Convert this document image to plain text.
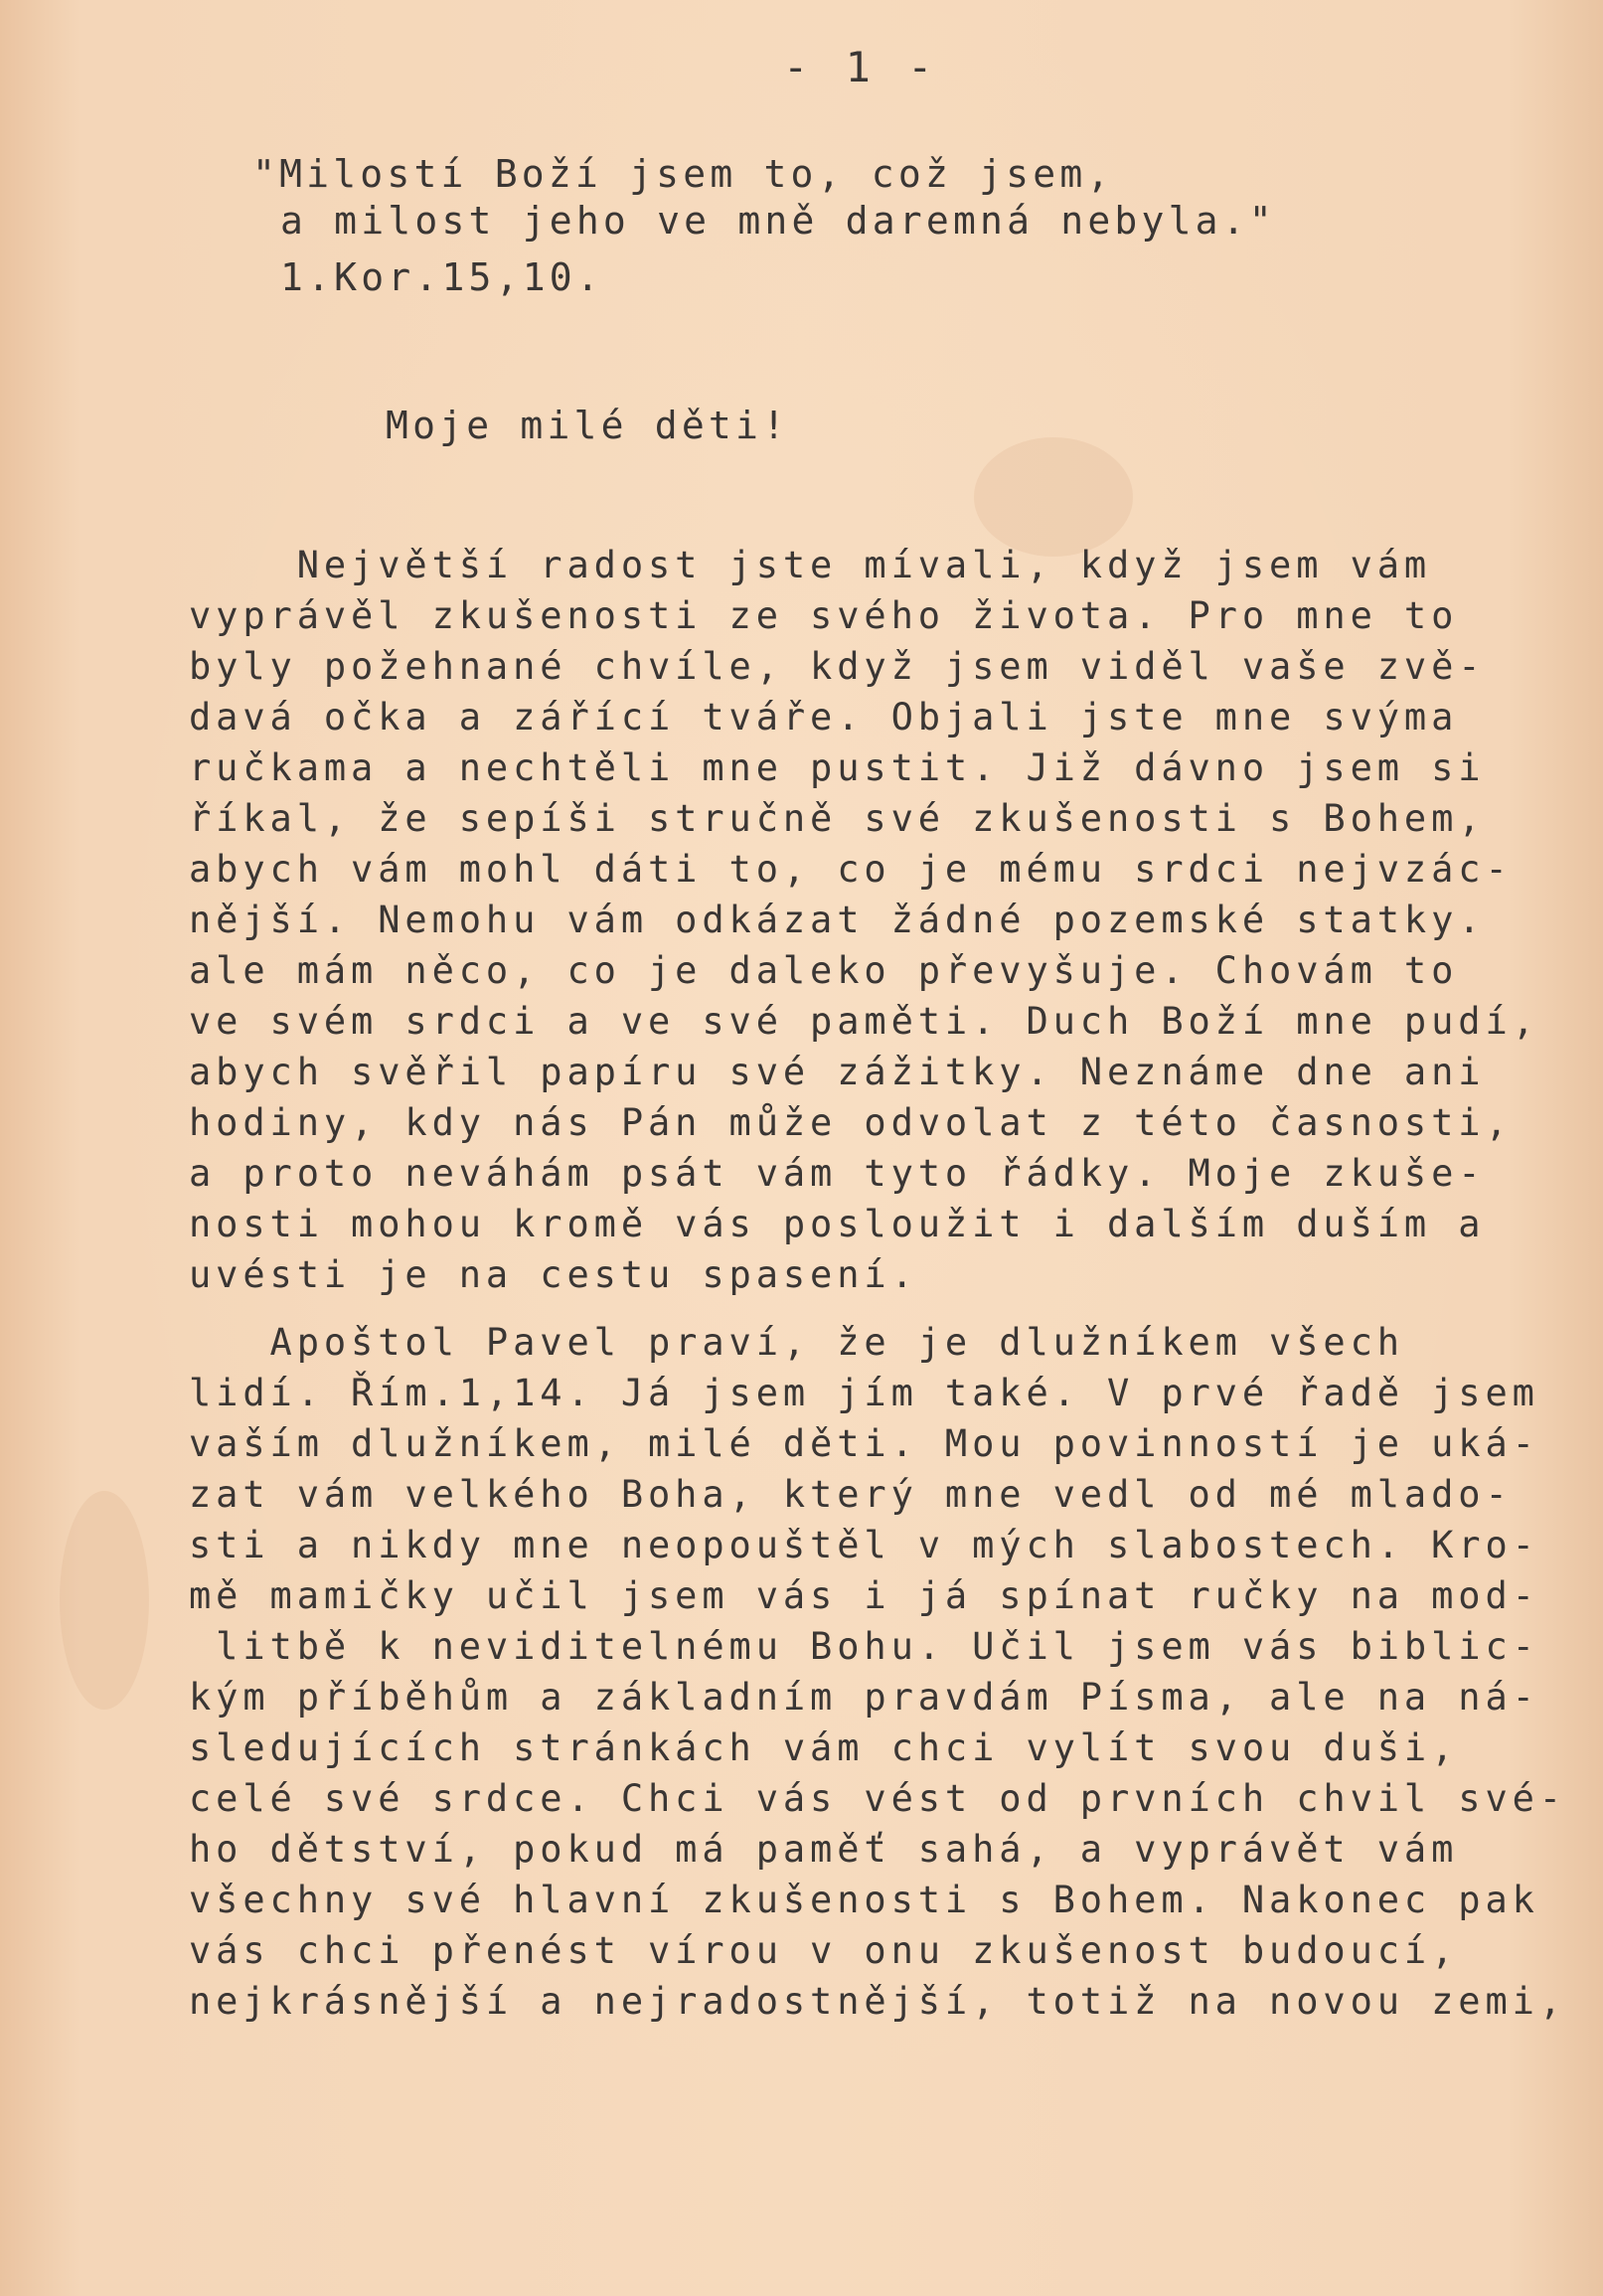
- 1 -
"Milostí Boží jsem to, což jsem,
a milost jeho ve mně daremná nebyla."
1.Kor.15,10.
Moje milé děti!
Největší radost jste mívali, když jsem vám
vyprávěl zkušenosti ze svého života. Pro mne to
byly požehnané chvíle, když jsem viděl vaše zvě-
davá očka a zářící tváře. Objali jste mne svýma
ručkama a nechtěli mne pustit. Již dávno jsem si
říkal, že sepíši stručně své zkušenosti s Bohem,
abych vám mohl dáti to, co je mému srdci nejvzác-
nější. Nemohu vám odkázat žádné pozemské statky.
ale mám něco, co je daleko převyšuje. Chovám to
ve svém srdci a ve své paměti. Duch Boží mne pudí,
abych svěřil papíru své zážitky. Neznáme dne ani
hodiny, kdy nás Pán může odvolat z této časnosti,
a proto neváhám psát vám tyto řádky. Moje zkuše-
nosti mohou kromě vás posloužit i dalším duším a
uvésti je na cestu spasení.
Apoštol Pavel praví, že je dlužníkem všech
lidí. Řím.1,14. Já jsem jím také. V prvé řadě jsem
vaším dlužníkem, milé děti. Mou povinností je uká-
zat vám velkého Boha, který mne vedl od mé mlado-
sti a nikdy mne neopouštěl v mých slabostech. Kro-
mě mamičky učil jsem vás i já spínat ručky na mod-
litbě k neviditelnému Bohu. Učil jsem vás biblic-
kým příběhům a základním pravdám Písma, ale na ná-
sledujících stránkách vám chci vylít svou duši,
celé své srdce. Chci vás vést od prvních chvil své-
ho dětství, pokud má paměť sahá, a vyprávět vám
všechny své hlavní zkušenosti s Bohem. Nakonec pak
vás chci přenést vírou v onu zkušenost budoucí,
nejkrásnější a nejradostnější, totiž na novou zemi,
